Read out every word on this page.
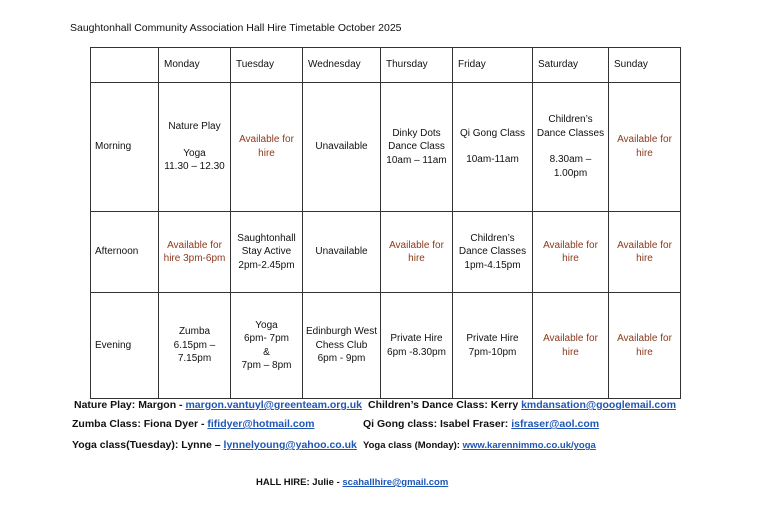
Saughtonhall Community Association Hall Hire Timetable October 2025
	Monday	Tuesday	Wednesday	Thursday	Friday	Saturday	Sunday
Morning	Nature Play
Yoga
11.30 – 12.30	Available for
hire	Unavailable	Dinky Dots
Dance Class
10am – 11am	Qi Gong Class
10am-11am	Children’s
Dance Classes
8.30am –
1.00pm	Available for hire

Afternoon	Available for
hire 3pm-6pm	Saughtonhall
Stay Active
2pm-2.45pm	Unavailable	Available for
hire	Children’s
Dance Classes
1pm-4.15pm	Available for hire	Available for hire

Evening	Zumba
6.15pm –
7.15pm	Yoga
6pm- 7pm
&
7pm – 8pm	Edinburgh West
Chess Club
6pm - 9pm	Private Hire
6pm -8.30pm	Private Hire
7pm-10pm	Available for hire	Available for hire
Nature Play: Margon - margon.vantuyl@greenteam.org.uk Children’s Dance Class: Kerry kmdansation@googlemail.com
Zumba Class: Fiona Dyer - fifidyer@hotmail.com	Qi Gong class: Isabel Fraser: isfraser@aol.com
Yoga class(Tuesday): Lynne – lynnelyoung@yahoo.co.uk Yoga class (Monday): www.karennimmo.co.uk/yoga
HALL HIRE: Julie - scahallhire@gmail.com
